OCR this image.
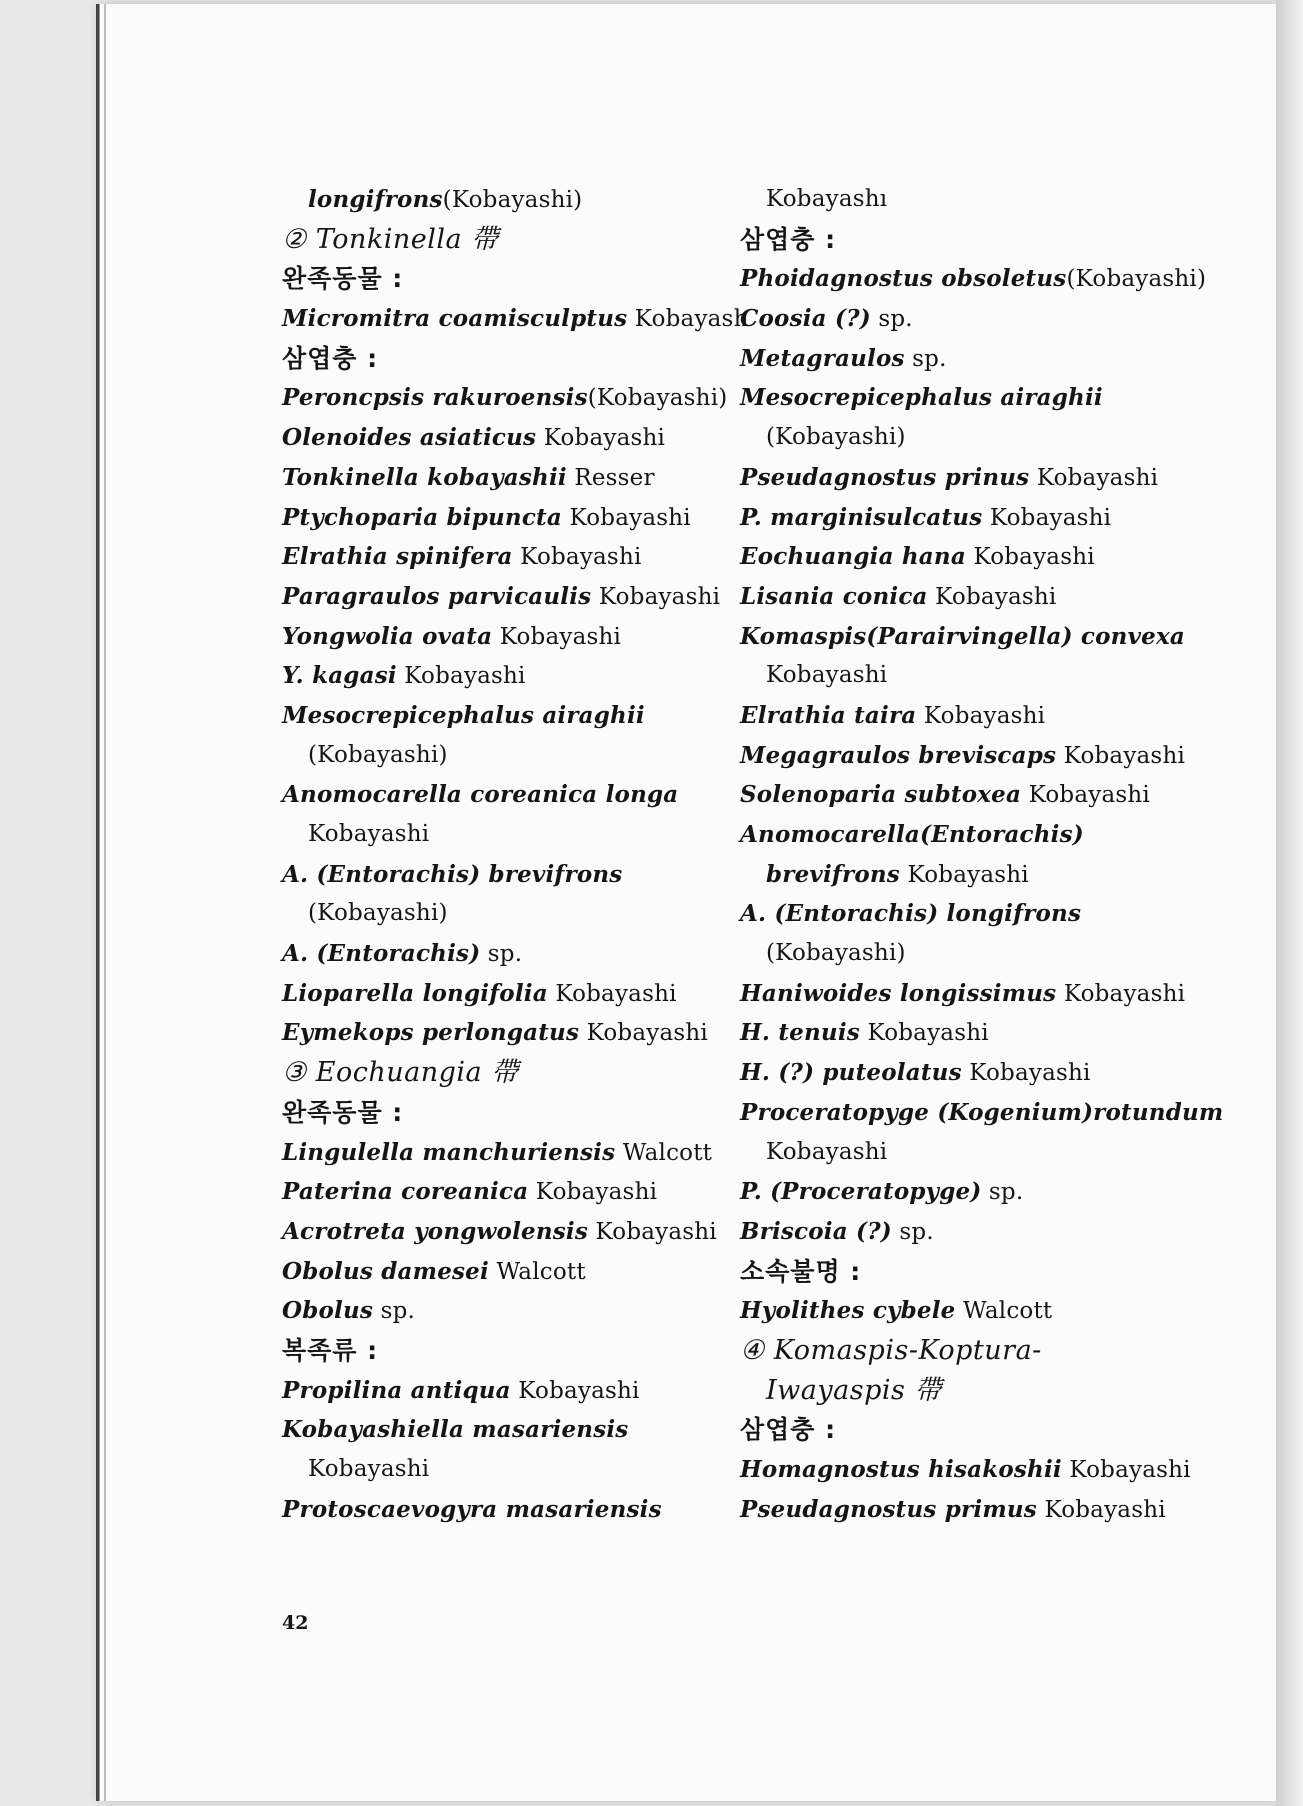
longifrons(Kobayashi)
② Tonkinella 帶
완족동물 :
Micromitra coamisculptus Kobayash
삼엽충 :
Peroncpsis rakuroensis(Kobayashi)
Olenoides asiaticus Kobayashi
Tonkinella kobayashii Resser
Ptychoparia bipuncta Kobayashi
Elrathia spinifera Kobayashi
Paragraulos parvicaulis Kobayashi
Yongwolia ovata Kobayashi
Y. kagasi Kobayashi
Mesocrepicephalus airaghii
(Kobayashi)
Anomocarella coreanica longa
Kobayashi
A. (Entorachis) brevifrons
(Kobayashi)
A. (Entorachis) sp.
Lioparella longifolia Kobayashi
Eymekops perlongatus Kobayashi
③ Eochuangia 帶
완족동물 :
Lingulella manchuriensis Walcott
Paterina coreanica Kobayashi
Acrotreta yongwolensis Kobayashi
Obolus damesei Walcott
Obolus sp.
복족류 :
Propilina antiqua Kobayashi
Kobayashiella masariensis
Kobayashi
Protoscaevogyra masariensis
Kobayashı
삼엽충 :
Phoidagnostus obsoletus(Kobayashi)
Coosia (?) sp.
Metagraulos sp.
Mesocrepicephalus airaghii
(Kobayashi)
Pseudagnostus prinus Kobayashi
P. marginisulcatus Kobayashi
Eochuangia hana Kobayashi
Lisania conica Kobayashi
Komaspis(Parairvingella) convexa
Kobayashi
Elrathia taira Kobayashi
Megagraulos breviscaps Kobayashi
Solenoparia subtoxea Kobayashi
Anomocarella(Entorachis)
brevifrons Kobayashi
A. (Entorachis) longifrons
(Kobayashi)
Haniwoides longissimus Kobayashi
H. tenuis Kobayashi
H. (?) puteolatus Kobayashi
Proceratopyge (Kogenium)rotundum
Kobayashi
P. (Proceratopyge) sp.
Briscoia (?) sp.
소속불명 :
Hyolithes cybele Walcott
④ Komaspis-Koptura-
Iwayaspis 帶
삼엽충 :
Homagnostus hisakoshii Kobayashi
Pseudagnostus primus Kobayashi
42
